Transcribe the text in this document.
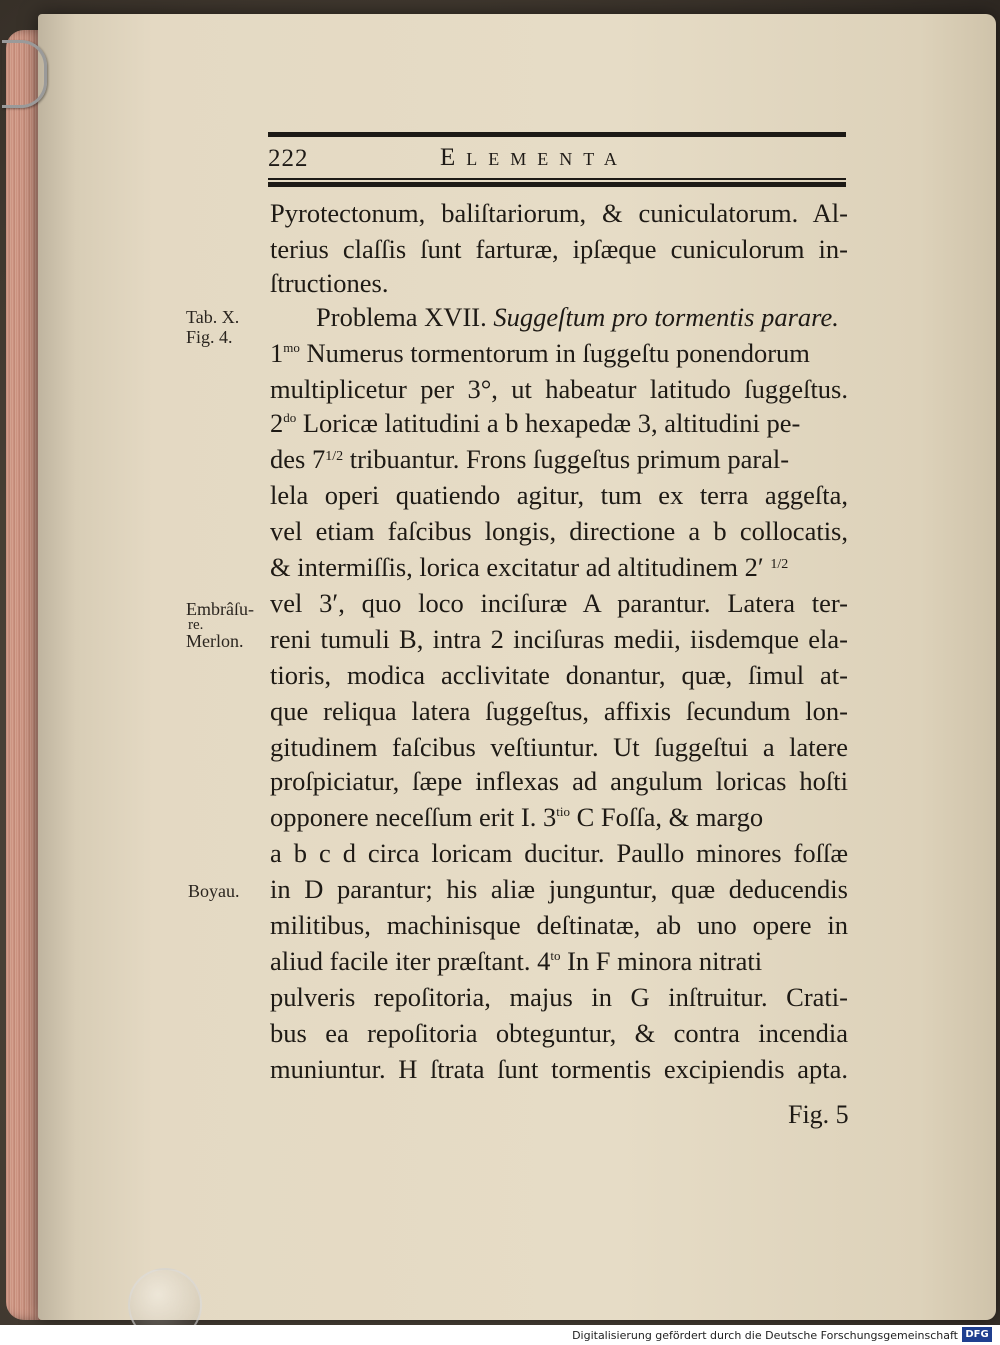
222	Elementa
Tab. X.
Fig. 4.
Embrâſu-
re.
Merlon.
Boyau.
Pyrotectonum, baliſtariorum, & cuniculatorum. Al-
terius claſſis ſunt farturæ, ipſæque cuniculorum in-
ſtructiones.
Problema XVII. Suggeſtum pro tormentis parare.
$1^{mo}$ Numerus tormentorum in ſuggeſtu ponendorum
multiplicetur per 3°, ut habeatur latitudo ſuggeſtus.
$2^{do}$ Loricæ latitudini a b hexapedæ 3, altitudini pe-
des $7^{1/2}$ tribuantur. Frons ſuggeſtus primum paral-
lela operi quatiendo agitur, tum ex terra aggeſta,
vel etiam faſcibus longis, directione a b collocatis,
& intermiſſis, lorica excitatur ad altitudinem 2′ $^{1/2}$
vel 3′, quo loco inciſuræ A parantur. Latera ter-
reni tumuli B, intra 2 inciſuras medii, iisdemque ela-
tioris, modica acclivitate donantur, quæ, ſimul at-
que reliqua latera ſuggeſtus, affixis ſecundum lon-
gitudinem faſcibus veſtiuntur. Ut ſuggeſtui a latere
proſpiciatur, ſæpe inflexas ad angulum loricas hoſti
opponere neceſſum erit I. $3^{tio}$ C Foſſa, & margo
a b c d circa loricam ducitur. Paullo minores foſſæ
in D parantur; his aliæ junguntur, quæ deducendis
militibus, machinisque deſtinatæ, ab uno opere in
aliud facile iter præſtant. $4^{to}$ In F minora nitrati
pulveris repoſitoria, majus in G inſtruitur. Crati-
bus ea repoſitoria obteguntur, & contra incendia
muniuntur. H ſtrata ſunt tormentis excipiendis apta.
Fig. 5
Digitalisierung gefördert durch die Deutsche Forschungsgemeinschaft DFG
